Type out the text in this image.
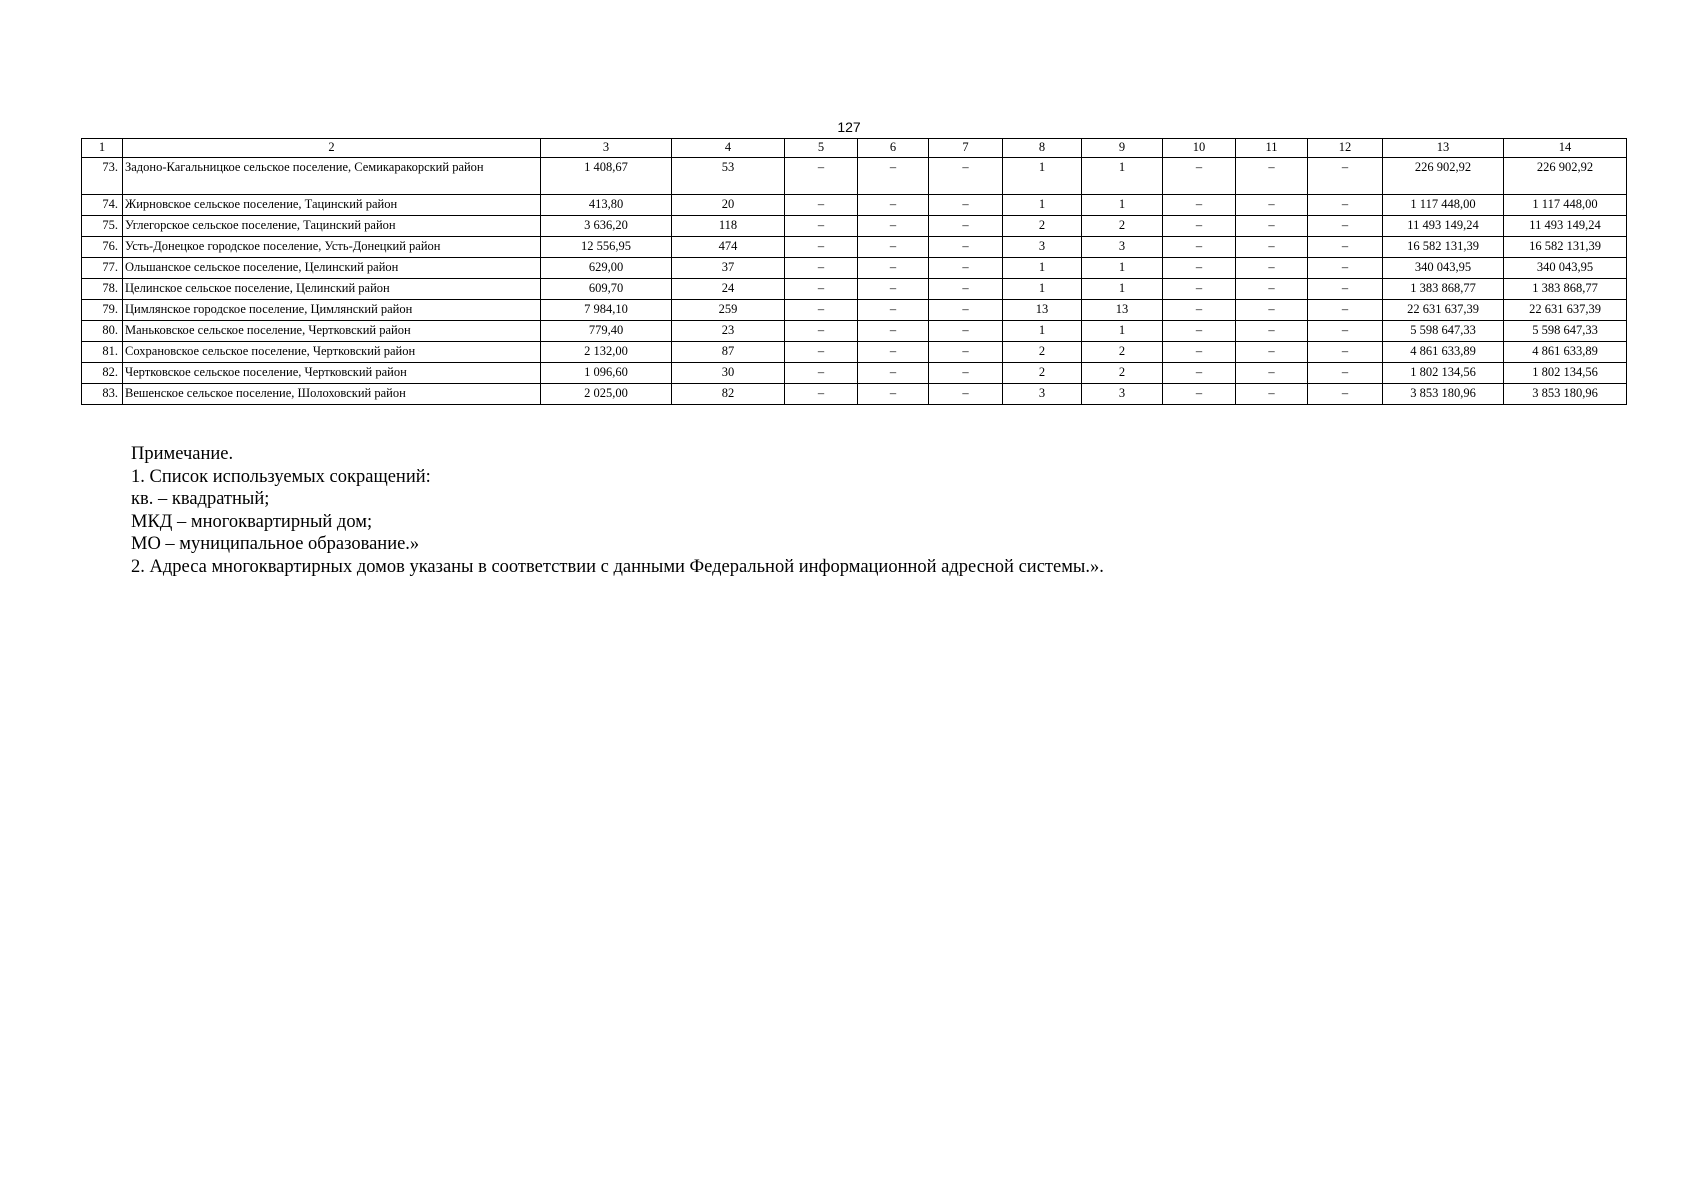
127
1	2	3	4	5	6	7	8	9	10	11	12	13	14
73.	Задоно-Кагальницкое сельское поселение, Семикаракорский район	1 408,67	53	–	–	–	1	1	–	–	–	226 902,92	226 902,92
74.	Жирновское сельское поселение, Тацинский район	413,80	20	–	–	–	1	1	–	–	–	1 117 448,00	1 117 448,00
75.	Углегорское сельское поселение, Тацинский район	3 636,20	118	–	–	–	2	2	–	–	–	11 493 149,24	11 493 149,24
76.	Усть-Донецкое городское поселение, Усть-Донецкий район	12 556,95	474	–	–	–	3	3	–	–	–	16 582 131,39	16 582 131,39
77.	Ольшанское сельское поселение, Целинский район	629,00	37	–	–	–	1	1	–	–	–	340 043,95	340 043,95
78.	Целинское сельское поселение, Целинский район	609,70	24	–	–	–	1	1	–	–	–	1 383 868,77	1 383 868,77
79.	Цимлянское городское поселение, Цимлянский район	7 984,10	259	–	–	–	13	13	–	–	–	22 631 637,39	22 631 637,39
80.	Маньковское сельское поселение, Чертковский район	779,40	23	–	–	–	1	1	–	–	–	5 598 647,33	5 598 647,33
81.	Сохрановское сельское поселение, Чертковский район	2 132,00	87	–	–	–	2	2	–	–	–	4 861 633,89	4 861 633,89
82.	Чертковское сельское поселение, Чертковский район	1 096,60	30	–	–	–	2	2	–	–	–	1 802 134,56	1 802 134,56
83.	Вешенское сельское поселение, Шолоховский район	2 025,00	82	–	–	–	3	3	–	–	–	3 853 180,96	3 853 180,96
Примечание.
1. Список используемых сокращений:
кв. – квадратный;
МКД – многоквартирный дом;
МО – муниципальное образование.»
2. Адреса многоквартирных домов указаны в соответствии с данными Федеральной информационной адресной системы.».
